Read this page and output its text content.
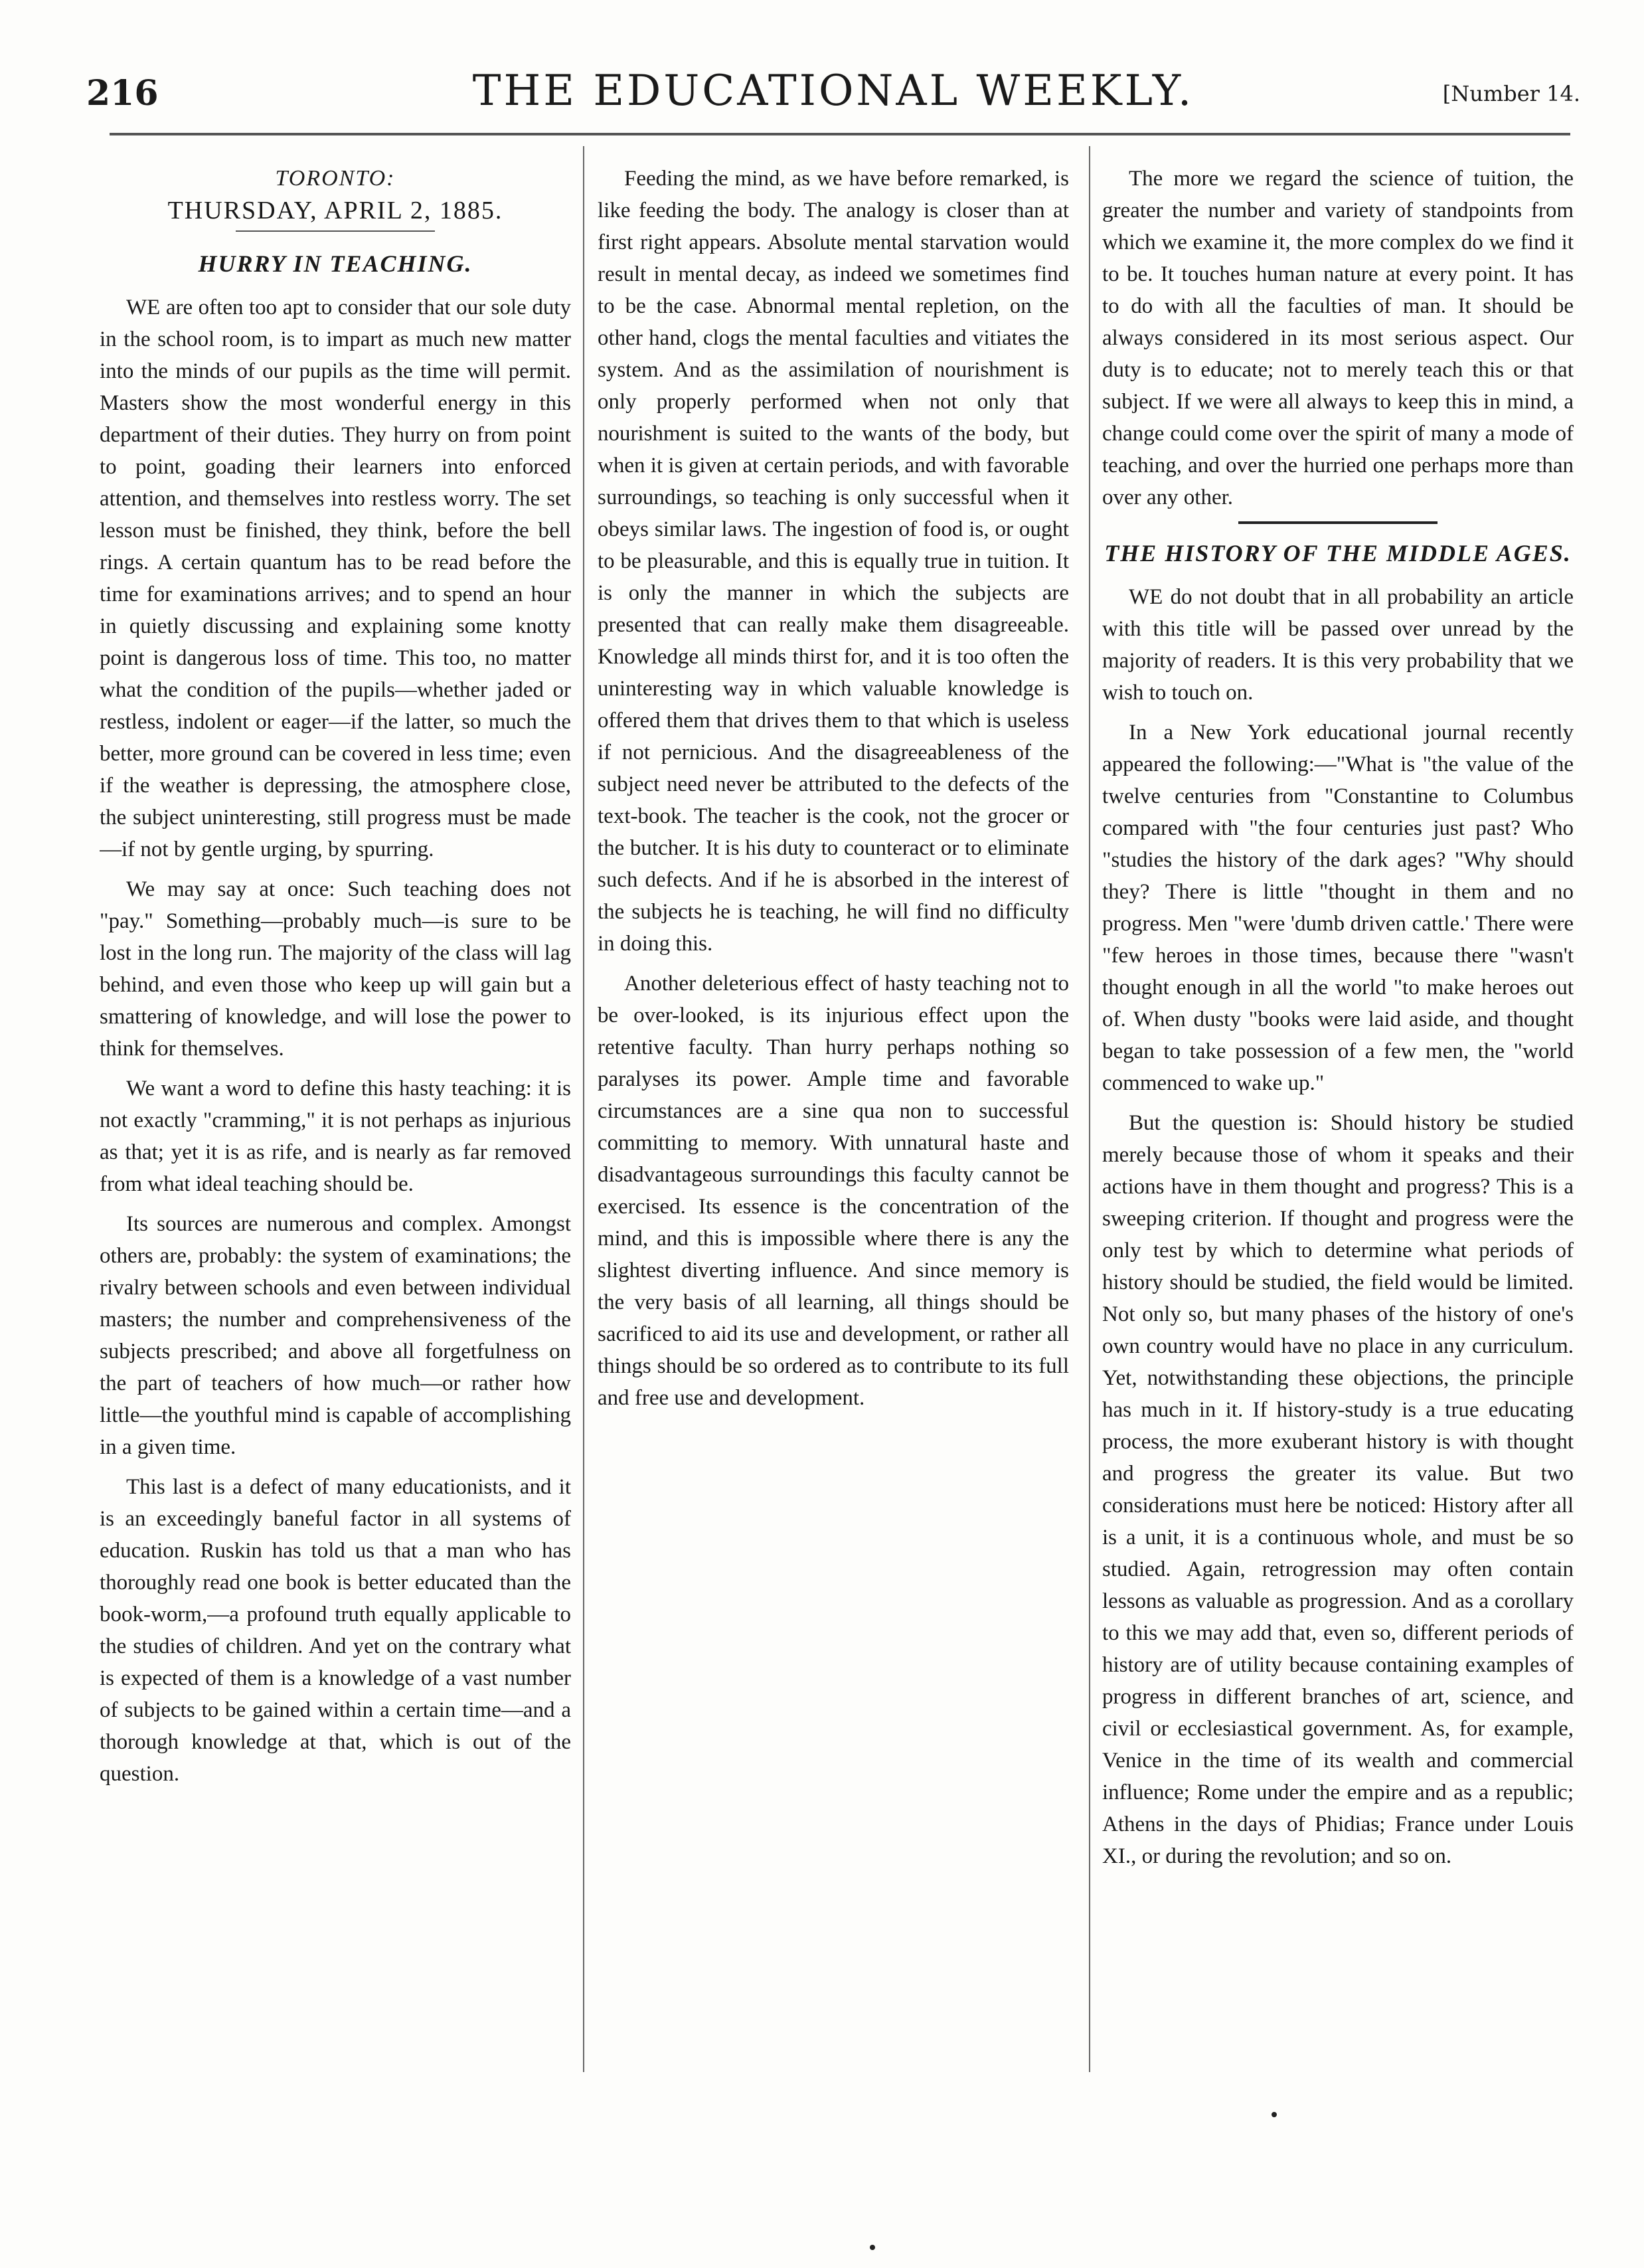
216	THE EDUCATIONAL WEEKLY.	[Number 14.

TORONTO:

THURSDAY, APRIL 2, 1885.

HURRY IN TEACHING.

WE are often too apt to consider that our sole duty in the school room, is to impart as much new matter into the minds of our pupils as the time will permit. Masters show the most wonderful energy in this department of their duties. They hurry on from point to point, goading their learners into enforced attention, and themselves into restless worry. The set lesson must be finished, they think, before the bell rings. A certain quantum has to be read before the time for examinations arrives; and to spend an hour in quietly discussing and explaining some knotty point is dangerous loss of time. This too, no matter what the condition of the pupils—whether jaded or restless, indolent or eager—if the latter, so much the better, more ground can be covered in less time; even if the weather is depressing, the atmosphere close, the subject uninteresting, still progress must be made—if not by gentle urging, by spurring.

We may say at once: Such teaching does not "pay." Something—probably much—is sure to be lost in the long run. The majority of the class will lag behind, and even those who keep up will gain but a smattering of knowledge, and will lose the power to think for themselves.

We want a word to define this hasty teaching: it is not exactly "cramming," it is not perhaps as injurious as that; yet it is as rife, and is nearly as far removed from what ideal teaching should be.

Its sources are numerous and complex. Amongst others are, probably: the system of examinations; the rivalry between schools and even between individual masters; the number and comprehensiveness of the subjects prescribed; and above all forgetfulness on the part of teachers of how much—or rather how little—the youthful mind is capable of accomplishing in a given time.

This last is a defect of many educationists, and it is an exceedingly baneful factor in all systems of education. Ruskin has told us that a man who has thoroughly read one book is better educated than the book-worm,—a profound truth equally applicable to the studies of children. And yet on the contrary what is expected of them is a knowledge of a vast number of subjects to be gained within a certain time—and a thorough knowledge at that, which is out of the question.

Feeding the mind, as we have before remarked, is like feeding the body. The analogy is closer than at first right appears. Absolute mental starvation would result in mental decay, as indeed we sometimes find to be the case. Abnormal mental repletion, on the other hand, clogs the mental faculties and vitiates the system. And as the assimilation of nourishment is only properly performed when not only that nourishment is suited to the wants of the body, but when it is given at certain periods, and with favorable surroundings, so teaching is only successful when it obeys similar laws. The ingestion of food is, or ought to be pleasurable, and this is equally true in tuition. It is only the manner in which the subjects are presented that can really make them disagreeable. Knowledge all minds thirst for, and it is too often the uninteresting way in which valuable knowledge is offered them that drives them to that which is useless if not pernicious. And the disagreeableness of the subject need never be attributed to the defects of the text-book. The teacher is the cook, not the grocer or the butcher. It is his duty to counteract or to eliminate such defects. And if he is absorbed in the interest of the subjects he is teaching, he will find no difficulty in doing this.

Another deleterious effect of hasty teaching not to be over-looked, is its injurious effect upon the retentive faculty. Than hurry perhaps nothing so paralyses its power. Ample time and favorable circumstances are a sine qua non to successful committing to memory. With unnatural haste and disadvantageous surroundings this faculty cannot be exercised. Its essence is the concentration of the mind, and this is impossible where there is any the slightest diverting influence. And since memory is the very basis of all learning, all things should be sacrificed to aid its use and development, or rather all things should be so ordered as to contribute to its full and free use and development.

The more we regard the science of tuition, the greater the number and variety of standpoints from which we examine it, the more complex do we find it to be. It touches human nature at every point. It has to do with all the faculties of man. It should be always considered in its most serious aspect. Our duty is to educate; not to merely teach this or that subject. If we were all always to keep this in mind, a change could come over the spirit of many a mode of teaching, and over the hurried one perhaps more than over any other.

THE HISTORY OF THE MIDDLE AGES.

WE do not doubt that in all probability an article with this title will be passed over unread by the majority of readers. It is this very probability that we wish to touch on.

In a New York educational journal recently appeared the following:—"What is "the value of the twelve centuries from "Constantine to Columbus compared with "the four centuries just past? Who "studies the history of the dark ages? "Why should they? There is little "thought in them and no progress. Men "were 'dumb driven cattle.' There were "few heroes in those times, because there "wasn't thought enough in all the world "to make heroes out of. When dusty "books were laid aside, and thought began to take possession of a few men, the "world commenced to wake up."

But the question is: Should history be studied merely because those of whom it speaks and their actions have in them thought and progress? This is a sweeping criterion. If thought and progress were the only test by which to determine what periods of history should be studied, the field would be limited. Not only so, but many phases of the history of one's own country would have no place in any curriculum. Yet, notwithstanding these objections, the principle has much in it. If history-study is a true educating process, the more exuberant history is with thought and progress the greater its value. But two considerations must here be noticed: History after all is a unit, it is a continuous whole, and must be so studied. Again, retrogression may often contain lessons as valuable as progression. And as a corollary to this we may add that, even so, different periods of history are of utility because containing examples of progress in different branches of art, science, and civil or ecclesiastical government. As, for example, Venice in the time of its wealth and commercial influence; Rome under the empire and as a republic; Athens in the days of Phidias; France under Louis XI., or during the revolution; and so on.
